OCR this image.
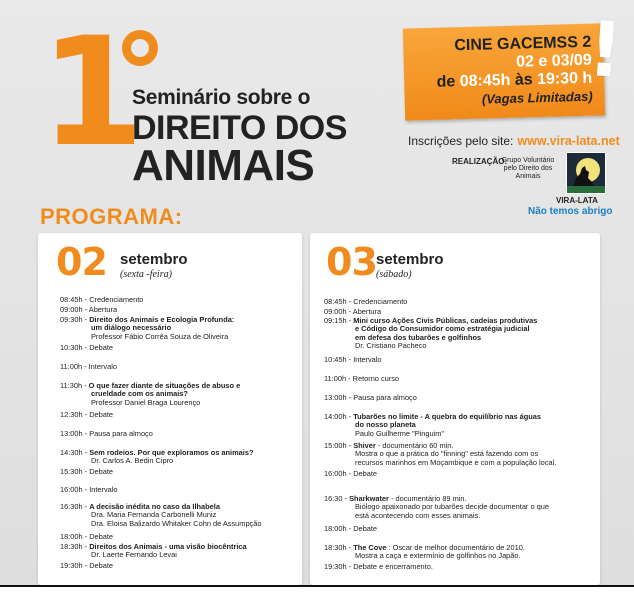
1
Seminário sobre o
DIREITO DOS
ANIMAIS
CINE GACEMSS 2
02 e 03/09
de 08:45h às 19:30 h
(Vagas Limitadas)
!
Inscrições pelo site: www.vira-lata.net
REALIZAÇÃO:
Grupo Voluntário pelo Direito dos Animais
VIRA-LATA
Não temos abrigo
PROGRAMA:
02 setembro
(sexta -feira)
08:45h - Credenciamento
09:00h - Abertura
09:30h - Direito dos Animais e Ecologia Profunda:
um diálogo necessário
Professor Fábio Corrêa Souza de Oliveira
10:30h - Debate
11:00h - Intervalo
11:30h - O que fazer diante de situações de abuso e
crueldade com os animais?
Professor Daniel Braga Lourenço
12:30h - Debate
13:00h - Pausa para almoço
14:30h - Sem rodeios. Por que exploramos os animais?
Dr. Carlos A. Bedin Cipro
15:30h - Debate
16:00h - Intervalo
16:30h - A decisão inédita no caso da Ilhabela
Dra. Maria Fernanda Carbonelli Muniz
Dra. Eloisa Balizardo Whitaker Cohn de Assumpção
18:00h - Debate
18:30h - Direitos dos Animais - uma visão biocêntrica
Dr. Laerte Fernando Levai
19:30h - Debate
03 setembro
(sábado)
08:45h - Credenciamento
09:00h - Abertura
09:15h - Mini curso Ações Civis Públicas, cadeias produtivas
e Código do Consumidor como estratégia judicial
em defesa dos tubarões e golfinhos
Dr. Cristiano Pacheco
10:45h - Intervalo
11:00h - Retorno curso
13:00h - Pausa para almoço
14:00h - Tubarões no limite - A quebra do equilíbrio nas águas
do nosso planeta
Paulo Guilherme "Pinguim"
15:00h - Shiver - documentário 60 min.
Mostra o que a prática do "finning" está fazendo com os
recursos marinhos em Moçambique e com a população local.
16:00h - Debate
16:30 - Sharkwater - documentário 89 min.
Biólogo apaixonado por tubarões decide documentar o que
está acontecendo com esses animais.
18:00h - Debate
18:30h - The Cove : Oscar de melhor documentário de 2010.
Mostra a caça e extermínio de golfinhos no Japão.
19:30h - Debate e encerramento.
